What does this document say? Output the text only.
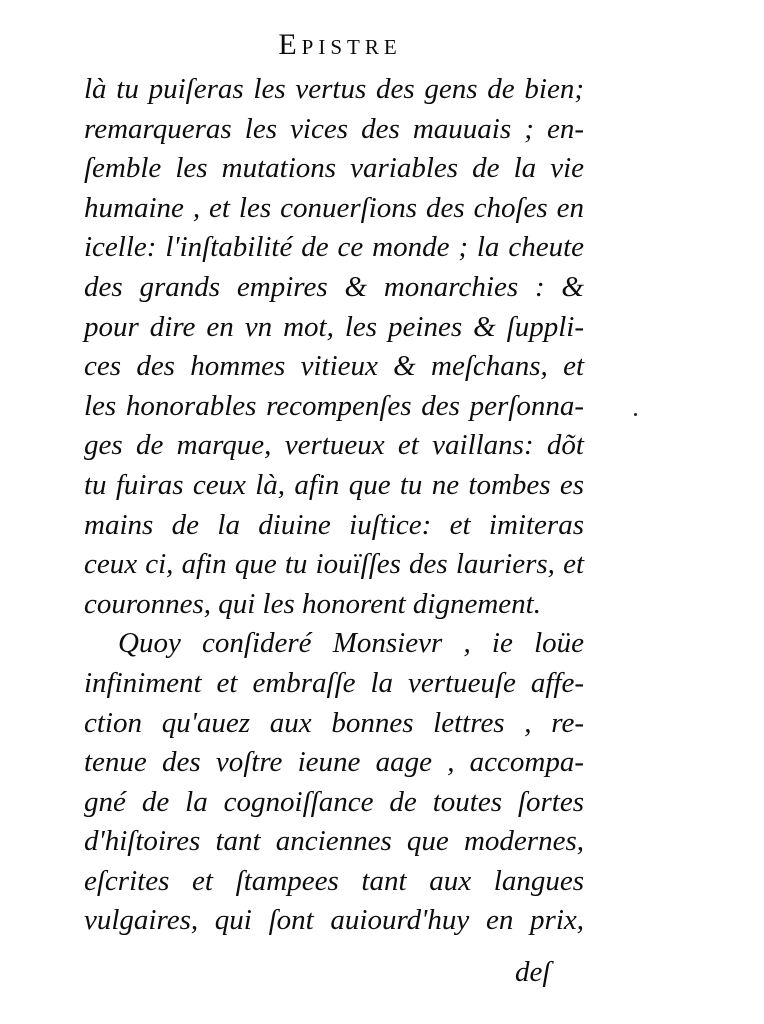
Epistre
là tu puiſeras les vertus des gens de bien;
remarqueras les vices des mauuais ; en-
ſemble les mutations variables de la vie
humaine , et les conuerſions des choſes en
icelle: l'inſtabilité de ce monde ; la cheute
des grands empires & monarchies : &
pour dire en vn mot, les peines & ſuppli-
ces des hommes vitieux & meſchans, et
les honorables recompenſes des perſonna-
ges de marque, vertueux et vaillans: dõt
tu fuiras ceux là, afin que tu ne tombes es
mains de la diuine iuſtice: et imiteras
ceux ci, afin que tu iouïſſes des lauriers, et
couronnes, qui les honorent dignement.
Quoy conſideré Monsievr , ie loüe
infiniment et embraſſe la vertueuſe affe-
ction qu'auez aux bonnes lettres , re-
tenue des voſtre ieune aage , accompa-
gné de la cognoiſſance de toutes ſortes
d'hiſtoires tant anciennes que modernes,
eſcrites et ſtampees tant aux langues
vulgaires, qui ſont auiourd'huy en prix,
deſ
